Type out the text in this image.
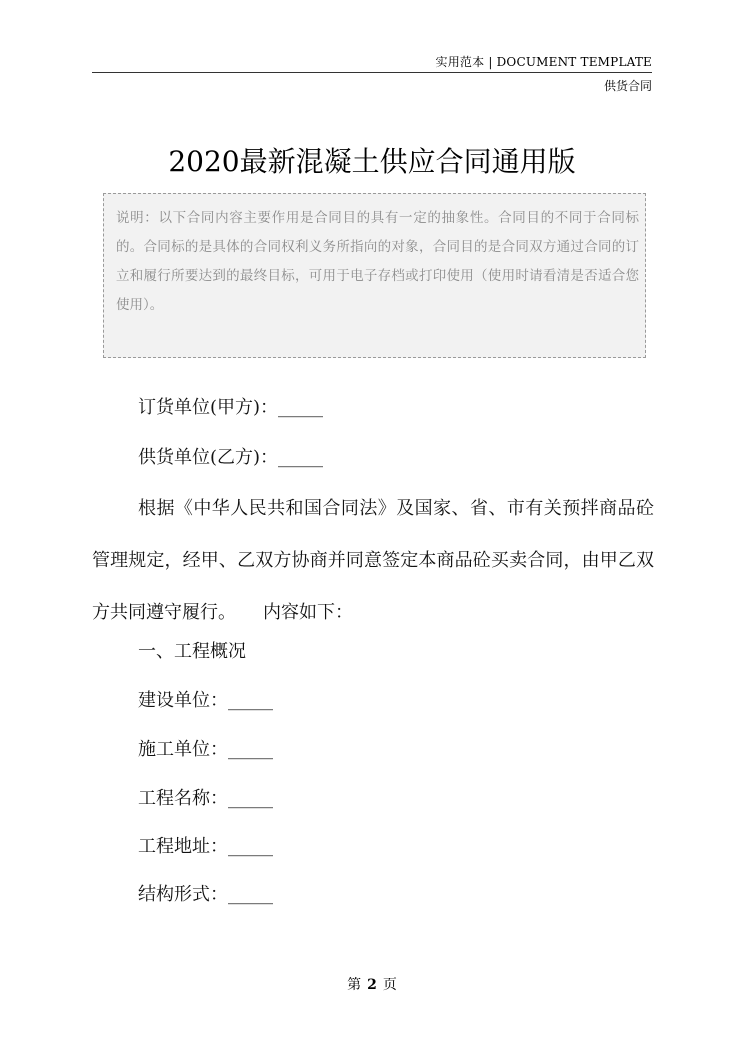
实用范本 | DOCUMENT TEMPLATE
供货合同
2020最新混凝土供应合同通用版
说明：以下合同内容主要作用是合同目的具有一定的抽象性。合同目的不同于合同标的。合同标的是具体的合同权利义务所指向的对象，合同目的是合同双方通过合同的订立和履行所要达到的最终目标，可用于电子存档或打印使用（使用时请看清是否适合您使用）。
订货单位(甲方)：_____
供货单位(乙方)：_____
根据《中华人民共和国合同法》及国家、省、市有关预拌商品砼管理规定，经甲、乙双方协商并同意签定本商品砼买卖合同，由甲乙双方共同遵守履行。　　内容如下：
一、工程概况
建设单位：_____
施工单位：_____
工程名称：_____
工程地址：_____
结构形式：_____
第 2 页
